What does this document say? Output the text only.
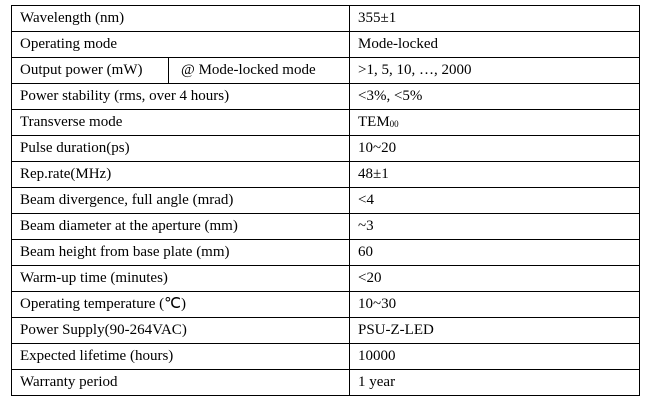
Wavelength (nm)	355±1
Operating mode	Mode-locked

Output power (mW) @ Mode-locked mode	>1, 5, 10, …, 2000
Power stability (rms, over 4 hours)	<3%, <5%
Transverse mode	$TEM_{00}$
Pulse duration(ps)	10~20
Rep.rate(MHz)	48±1
Beam divergence, full angle (mrad)	<4
Beam diameter at the aperture (mm)	~3
Beam height from base plate (mm)	60
Warm-up time (minutes)	<20
Operating temperature (℃)	10~30
Power Supply(90-264VAC)	PSU-Z-LED
Expected lifetime (hours)	10000
Warranty period	1 year
